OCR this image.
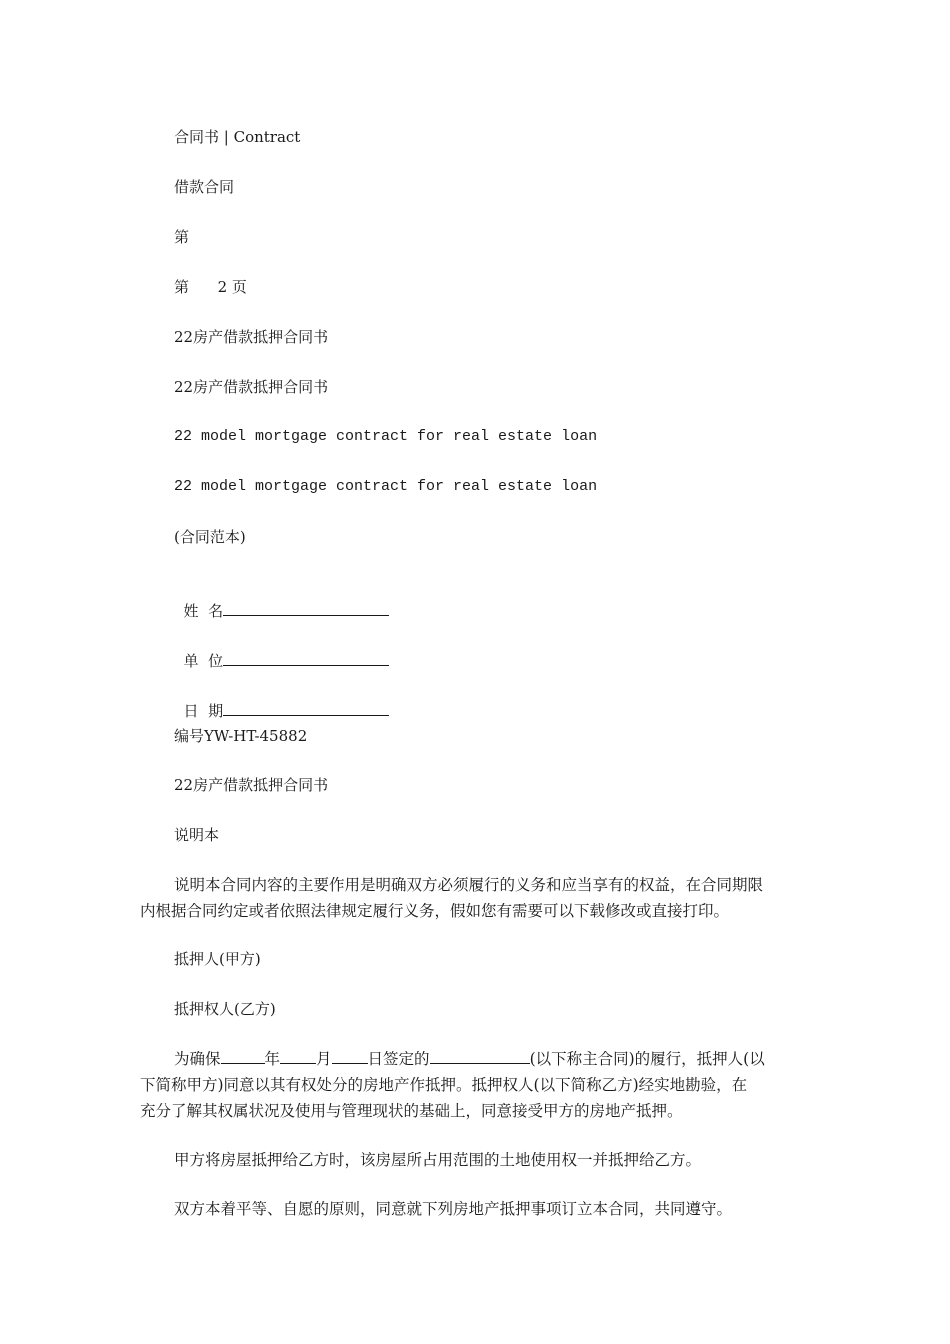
合同书 | Contract
借款合同
第
第      2 页
22房产借款抵押合同书
22房产借款抵押合同书
22 model mortgage contract for real estate loan
22 model mortgage contract for real estate loan
(合同范本)

姓  名

单  位

日  期

编号YW-HT-45882
22房产借款抵押合同书
说明本
说明本合同内容的主要作用是明确双方必须履行的义务和应当享有的权益，在合同期限
内根据合同约定或者依照法律规定履行义务，假如您有需要可以下载修改或直接打印。
抵押人(甲方)
抵押权人(乙方)
为确保	年 月 日签定的	(以下称主合同)的履行，抵押人(以
下简称甲方)同意以其有权处分的房地产作抵押。抵押权人(以下简称乙方)经实地勘验，在
充分了解其权属状况及使用与管理现状的基础上，同意接受甲方的房地产抵押。
甲方将房屋抵押给乙方时，该房屋所占用范围的土地使用权一并抵押给乙方。
双方本着平等、自愿的原则，同意就下列房地产抵押事项订立本合同，共同遵守。
